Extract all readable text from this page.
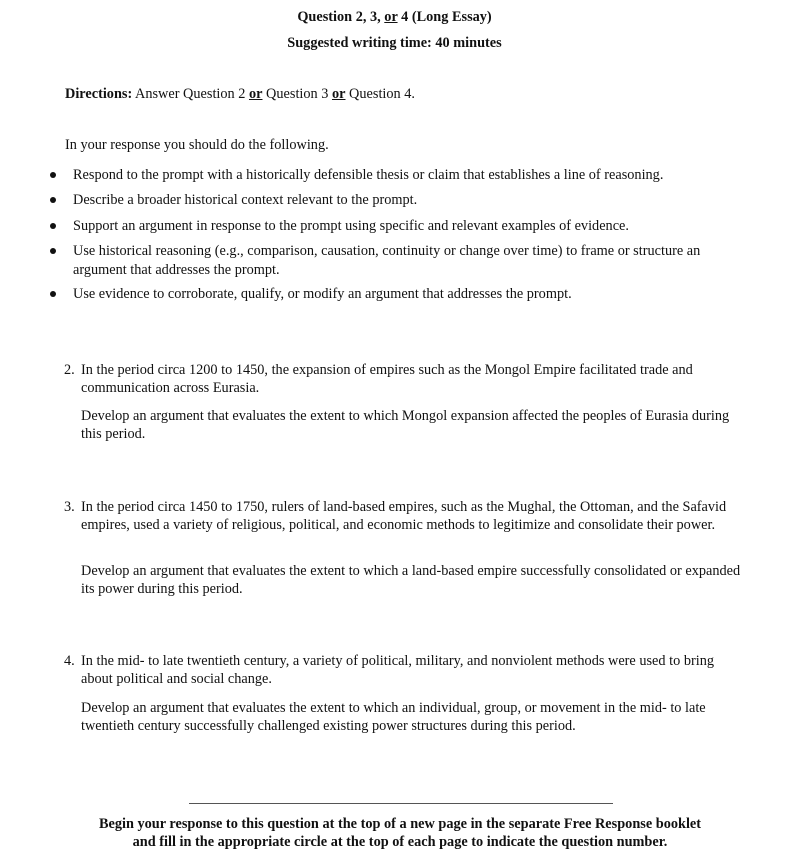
Question 2, 3, or 4 (Long Essay)
Suggested writing time: 40 minutes
Directions: Answer Question 2 or Question 3 or Question 4.
In your response you should do the following.
Respond to the prompt with a historically defensible thesis or claim that establishes a line of reasoning.
Describe a broader historical context relevant to the prompt.
Support an argument in response to the prompt using specific and relevant examples of evidence.
Use historical reasoning (e.g., comparison, causation, continuity or change over time) to frame or structure an argument that addresses the prompt.
Use evidence to corroborate, qualify, or modify an argument that addresses the prompt.
2. In the period circa 1200 to 1450, the expansion of empires such as the Mongol Empire facilitated trade and communication across Eurasia.
Develop an argument that evaluates the extent to which Mongol expansion affected the peoples of Eurasia during this period.
3. In the period circa 1450 to 1750, rulers of land-based empires, such as the Mughal, the Ottoman, and the Safavid empires, used a variety of religious, political, and economic methods to legitimize and consolidate their power.
Develop an argument that evaluates the extent to which a land-based empire successfully consolidated or expanded its power during this period.
4. In the mid- to late twentieth century, a variety of political, military, and nonviolent methods were used to bring about political and social change.
Develop an argument that evaluates the extent to which an individual, group, or movement in the mid- to late twentieth century successfully challenged existing power structures during this period.
Begin your response to this question at the top of a new page in the separate Free Response booklet
and fill in the appropriate circle at the top of each page to indicate the question number.
